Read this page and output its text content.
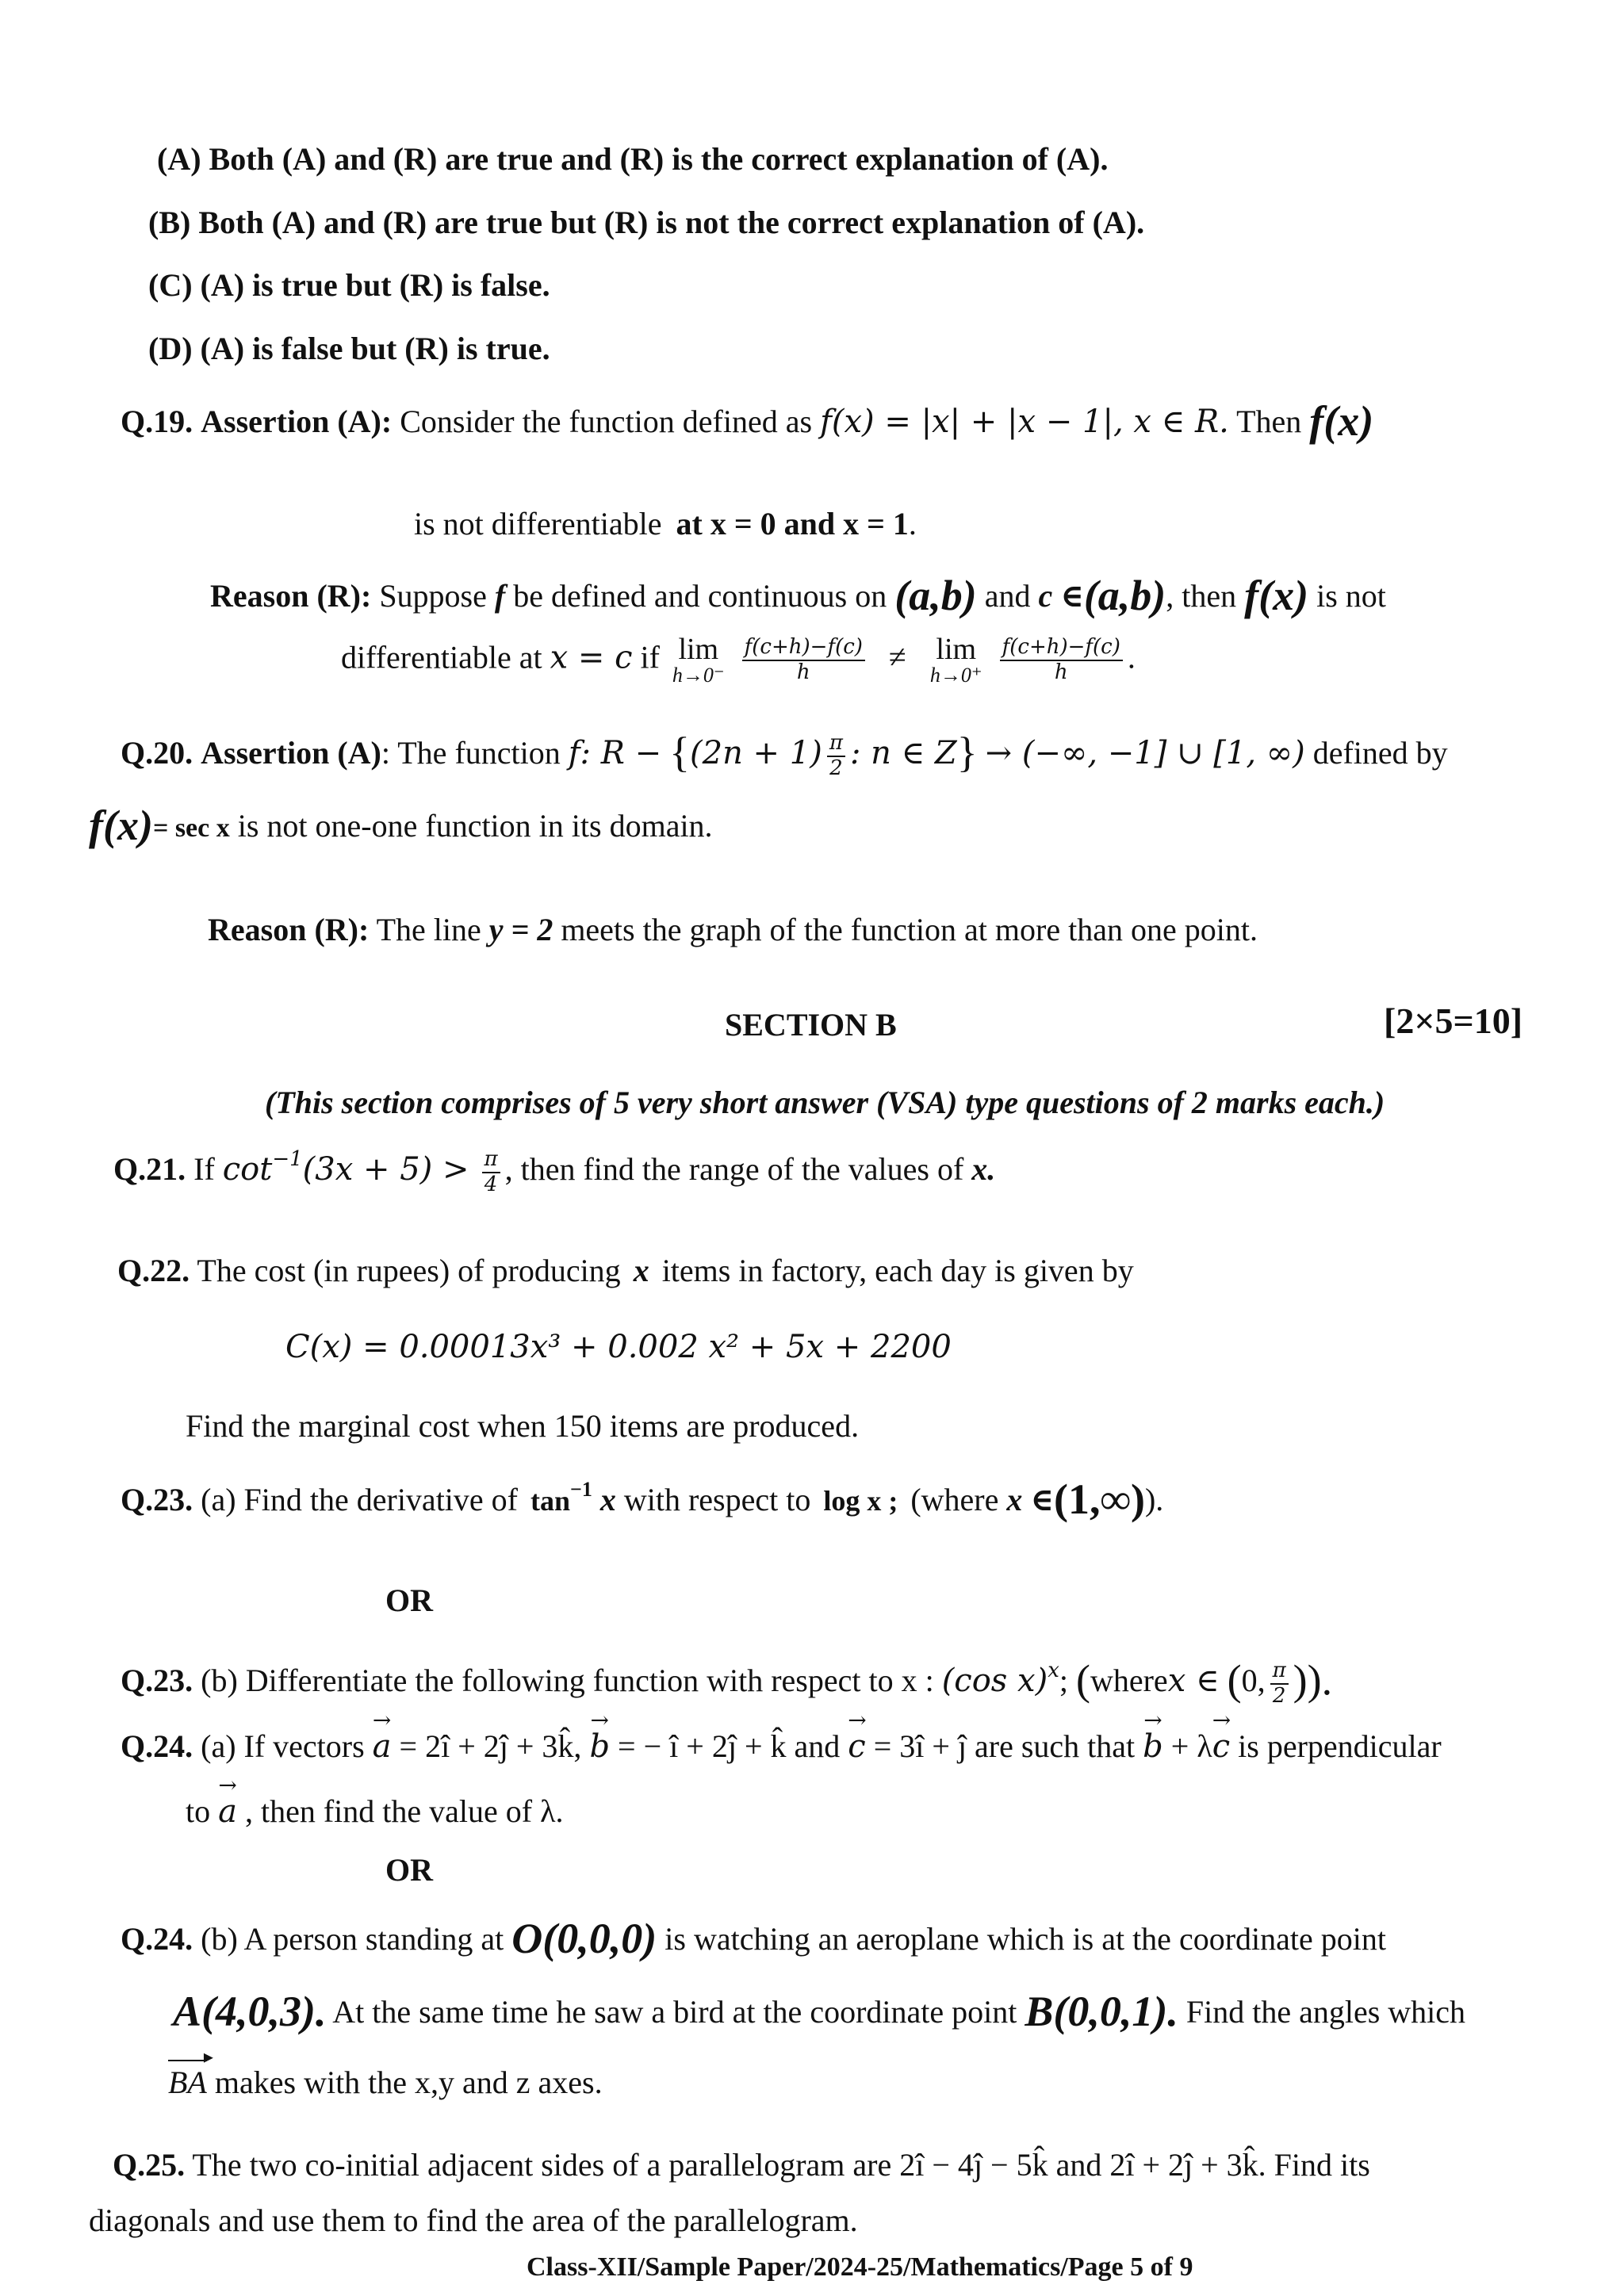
(A) Both (A) and (R) are true and (R) is the correct explanation of (A).
(B) Both (A) and (R) are true but (R) is not the correct explanation of (A).
(C) (A) is true but (R) is false.
(D) (A) is false but (R) is true.
Q.19. Assertion (A): Consider the function defined as f(x) = |x| + |x − 1|, x ∈ R. Then f(x)
is not differentiable at x = 0 and x = 1.
Reason (R): Suppose f be defined and continuous on (a,b) and c ∈(a,b), then f(x) is not
differentiable at x = c if lim
h→0⁻
$\frac{f(c+h)-f(c)}{h} \ne \lim$
h→0⁺
$\frac{f(c+h)-f(c)}{h}$ .
Q.20. Assertion (A): The function f: $R - \{(2n + 1) \frac{\pi}{2}$ : n ∈ Z} → (−∞, −1] ∪ [1, ∞) defined by
f(x)= sec x is not one-one function in its domain.
Reason (R): The line y = 2 meets the graph of the function at more than one point.
SECTION B	[2×5=10]
(This section comprises of 5 very short answer (VSA) type questions of 2 marks each.)
Q.21. If $\cot^{-1}(3x + 5) > \frac{\pi}{4}$ , then find the range of the values of x.
Q.22. The cost (in rupees) of producing x items in factory, each day is given by
C(x) = 0.00013x³ + 0.002 x² + 5x + 2200
Find the marginal cost when 150 items are produced.
Q.23. (a) Find the derivative of $\tan^{-1} x$ with respect to log x ; (where x ∈(1,∞)).
OR
Q.23. (b) Differentiate the following function with respect to x : (cos x)$^x$; (wherex ∈ (0, $\frac{\pi}{2}$ )).
Q.24. (a) If vectors → a = 2î + 2ĵ + 3k̂, → b = − î + 2ĵ + k̂ and → c = 3î + ĵ are such that → b + λ→ c is perpendicular
to → a , then find the value of λ.
OR
Q.24. (b) A person standing at O(0,0,0) is watching an aeroplane which is at the coordinate point
A(4,0,3). At the same time he saw a bird at the coordinate point B(0,0,1). Find the angles which
BA ▸ makes with the x,y and z axes.
Q.25. The two co-initial adjacent sides of a parallelogram are 2î − 4ĵ − 5k̂ and 2î + 2ĵ + 3k̂. Find its
diagonals and use them to find the area of the parallelogram.
Class-XII/Sample Paper/2024-25/Mathematics/Page 5 of 9
